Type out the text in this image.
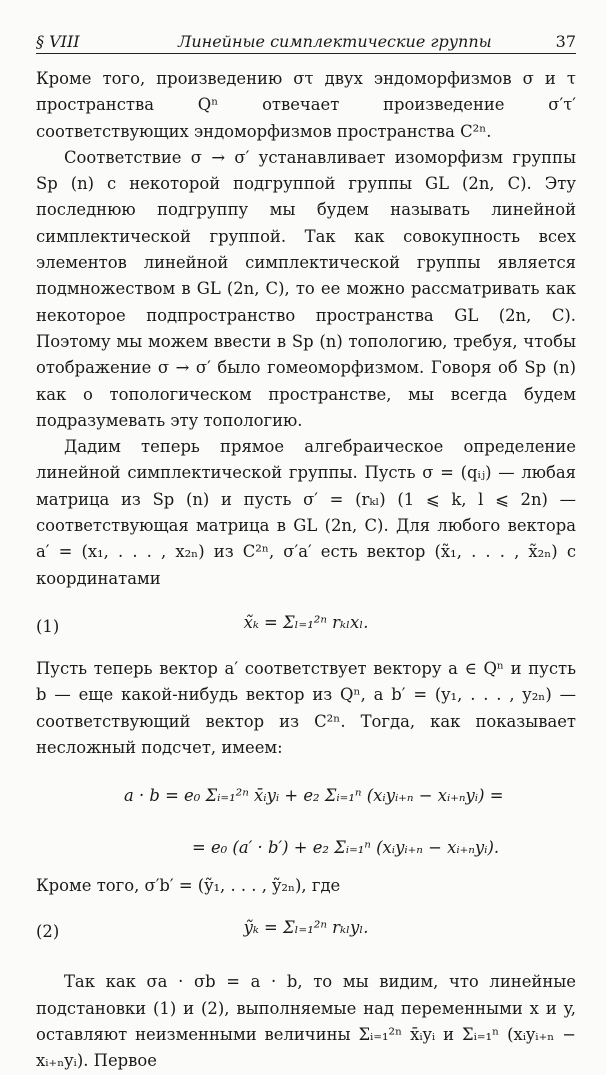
§ VIII	Линейные симплектические группы	37

Кроме того, произведению στ двух эндоморфизмов σ и τ пространства Qⁿ отвечает произведение σ′τ′ соответствующих эндоморфизмов пространства C²ⁿ.

Соответствие σ → σ′ устанавливает изоморфизм группы Sp (n) с некоторой подгруппой группы GL (2n, C). Эту последнюю подгруппу мы будем называть линейной симплектической группой. Так как совокупность всех элементов линейной симплектической группы является подмножеством в GL (2n, C), то ее можно рассматривать как некоторое подпространство пространства GL (2n, C). Поэтому мы можем ввести в Sp (n) топологию, требуя, чтобы отображение σ → σ′ было гомеоморфизмом. Говоря об Sp (n) как о топологическом пространстве, мы всегда будем подразумевать эту топологию.

Дадим теперь прямое алгебраическое определение линейной симплектической группы. Пусть σ = (qᵢⱼ) — любая матрица из Sp (n) и пусть σ′ = (rₖₗ) (1 ⩽ k, l ⩽ 2n) — соответствующая матрица в GL (2n, C). Для любого вектора a′ = (x₁, . . . , x₂ₙ) из C²ⁿ, σ′a′ есть вектор (x̃₁, . . . , x̃₂ₙ) с координатами

(1)	x̃ₖ = Σₗ₌₁²ⁿ rₖₗxₗ.

Пусть теперь вектор a′ соответствует вектору a ∈ Qⁿ и пусть b — еще какой-нибудь вектор из Qⁿ, а b′ = (y₁, . . . , y₂ₙ) — соответствующий вектор из C²ⁿ. Тогда, как показывает несложный подсчет, имеем:

a · b = e₀ Σᵢ₌₁²ⁿ x̄ᵢyᵢ + e₂ Σᵢ₌₁ⁿ (xᵢyᵢ₊ₙ − xᵢ₊ₙyᵢ) =
= e₀ (a′ · b′) + e₂ Σᵢ₌₁ⁿ (xᵢyᵢ₊ₙ − xᵢ₊ₙyᵢ).

Кроме того, σ′b′ = (ỹ₁, . . . , ỹ₂ₙ), где

(2)	ỹₖ = Σₗ₌₁²ⁿ rₖₗyₗ.

Так как σa · σb = a · b, то мы видим, что линейные подстановки (1) и (2), выполняемые над переменными x и y, оставляют неизменными величины Σᵢ₌₁²ⁿ x̄ᵢyᵢ и Σᵢ₌₁ⁿ (xᵢyᵢ₊ₙ − xᵢ₊ₙyᵢ). Первое
